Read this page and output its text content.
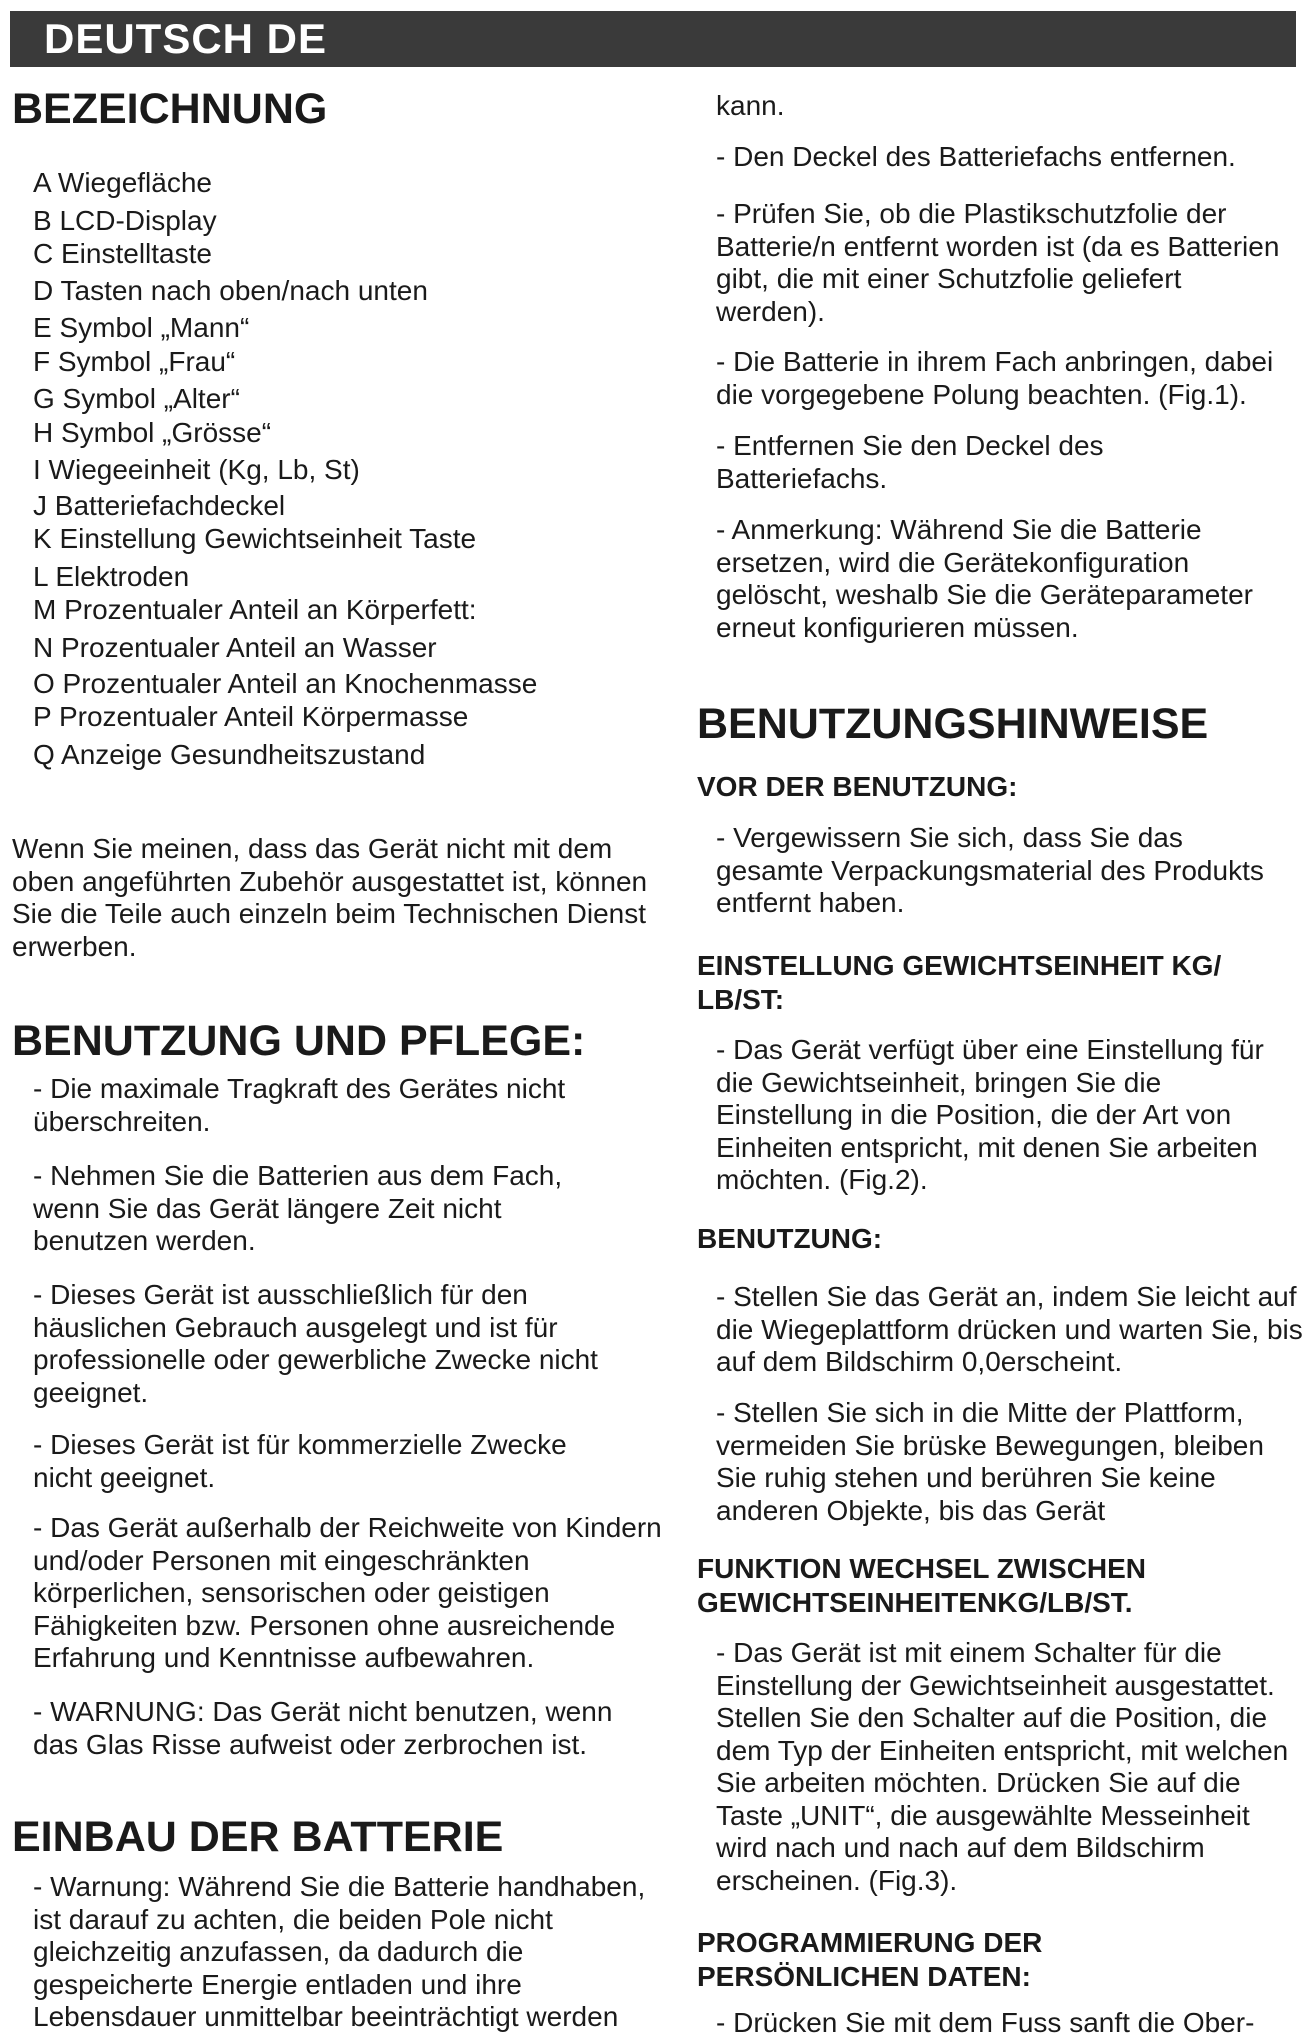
DEUTSCH DE
BEZEICHNUNG
A Wiegefläche
B LCD-Display
C Einstelltaste
D Tasten nach oben/nach unten
E Symbol „Mann“
F Symbol „Frau“
G Symbol „Alter“
H Symbol „Grösse“
I Wiegeeinheit (Kg, Lb, St)
J Batteriefachdeckel
K Einstellung Gewichtseinheit Taste
L Elektroden
M Prozentualer Anteil an Körperfett:
N Prozentualer Anteil an Wasser
O Prozentualer Anteil an Knochenmasse
P Prozentualer Anteil Körpermasse
Q Anzeige Gesundheitszustand

Wenn Sie meinen, dass das Gerät nicht mit dem oben angeführten Zubehör ausgestattet ist, können Sie die Teile auch einzeln beim Technischen Dienst erwerben.

BENUTZUNG UND PFLEGE:

- Die maximale Tragkraft des Gerätes nicht überschreiten.

- Nehmen Sie die Batterien aus dem Fach, wenn Sie das Gerät längere Zeit nicht benutzen werden.

- Dieses Gerät ist ausschließlich für den häuslichen Gebrauch ausgelegt und ist für professionelle oder gewerbliche Zwecke nicht geeignet.

- Dieses Gerät ist für kommerzielle Zwecke nicht geeignet.

- Das Gerät außerhalb der Reichweite von Kindern und/oder Personen mit eingeschränkten körperlichen, sensorischen oder geistigen Fähigkeiten bzw. Personen ohne ausreichende Erfahrung und Kenntnisse aufbewahren.

- WARNUNG: Das Gerät nicht benutzen, wenn das Glas Risse aufweist oder zerbrochen ist.

EINBAU DER BATTERIE

- Warnung: Während Sie die Batterie handhaben, ist darauf zu achten, die beiden Pole nicht gleichzeitig anzufassen, da dadurch die gespeicherte Energie entladen und ihre Lebensdauer unmittelbar beeinträchtigt werden

kann.

- Den Deckel des Batteriefachs entfernen.

- Prüfen Sie, ob die Plastikschutzfolie der Batterie/n entfernt worden ist (da es Batterien gibt, die mit einer Schutzfolie geliefert werden).

- Die Batterie in ihrem Fach anbringen, dabei die vorgegebene Polung beachten. (Fig.1).

- Entfernen Sie den Deckel des Batteriefachs.

- Anmerkung: Während Sie die Batterie ersetzen, wird die Gerätekonfiguration gelöscht, weshalb Sie die Geräteparameter erneut konfigurieren müssen.

BENUTZUNGSHINWEISE
VOR DER BENUTZUNG:

- Vergewissern Sie sich, dass Sie das gesamte Verpackungsmaterial des Produkts entfernt haben.

EINSTELLUNG GEWICHTSEINHEIT KG/ LB/ST:

- Das Gerät verfügt über eine Einstellung für die Gewichtseinheit, bringen Sie die Einstellung in die Position, die der Art von Einheiten entspricht, mit denen Sie arbeiten möchten. (Fig.2).

BENUTZUNG:

- Stellen Sie das Gerät an, indem Sie leicht auf die Wiegeplattform drücken und warten Sie, bis auf dem Bildschirm 0,0erscheint.

- Stellen Sie sich in die Mitte der Plattform, vermeiden Sie brüske Bewegungen, bleiben Sie ruhig stehen und berühren Sie keine anderen Objekte, bis das Gerät

FUNKTION WECHSEL ZWISCHEN GEWICHTSEINHEITENKG/LB/ST.

- Das Gerät ist mit einem Schalter für die Einstellung der Gewichtseinheit ausgestattet. Stellen Sie den Schalter auf die Position, die dem Typ der Einheiten entspricht, mit welchen Sie arbeiten möchten. Drücken Sie auf die Taste „UNIT“, die ausgewählte Messeinheit wird nach und nach auf dem Bildschirm erscheinen. (Fig.3).

PROGRAMMIERUNG DER PERSÖNLICHEN DATEN:

- Drücken Sie mit dem Fuss sanft die Ober-
